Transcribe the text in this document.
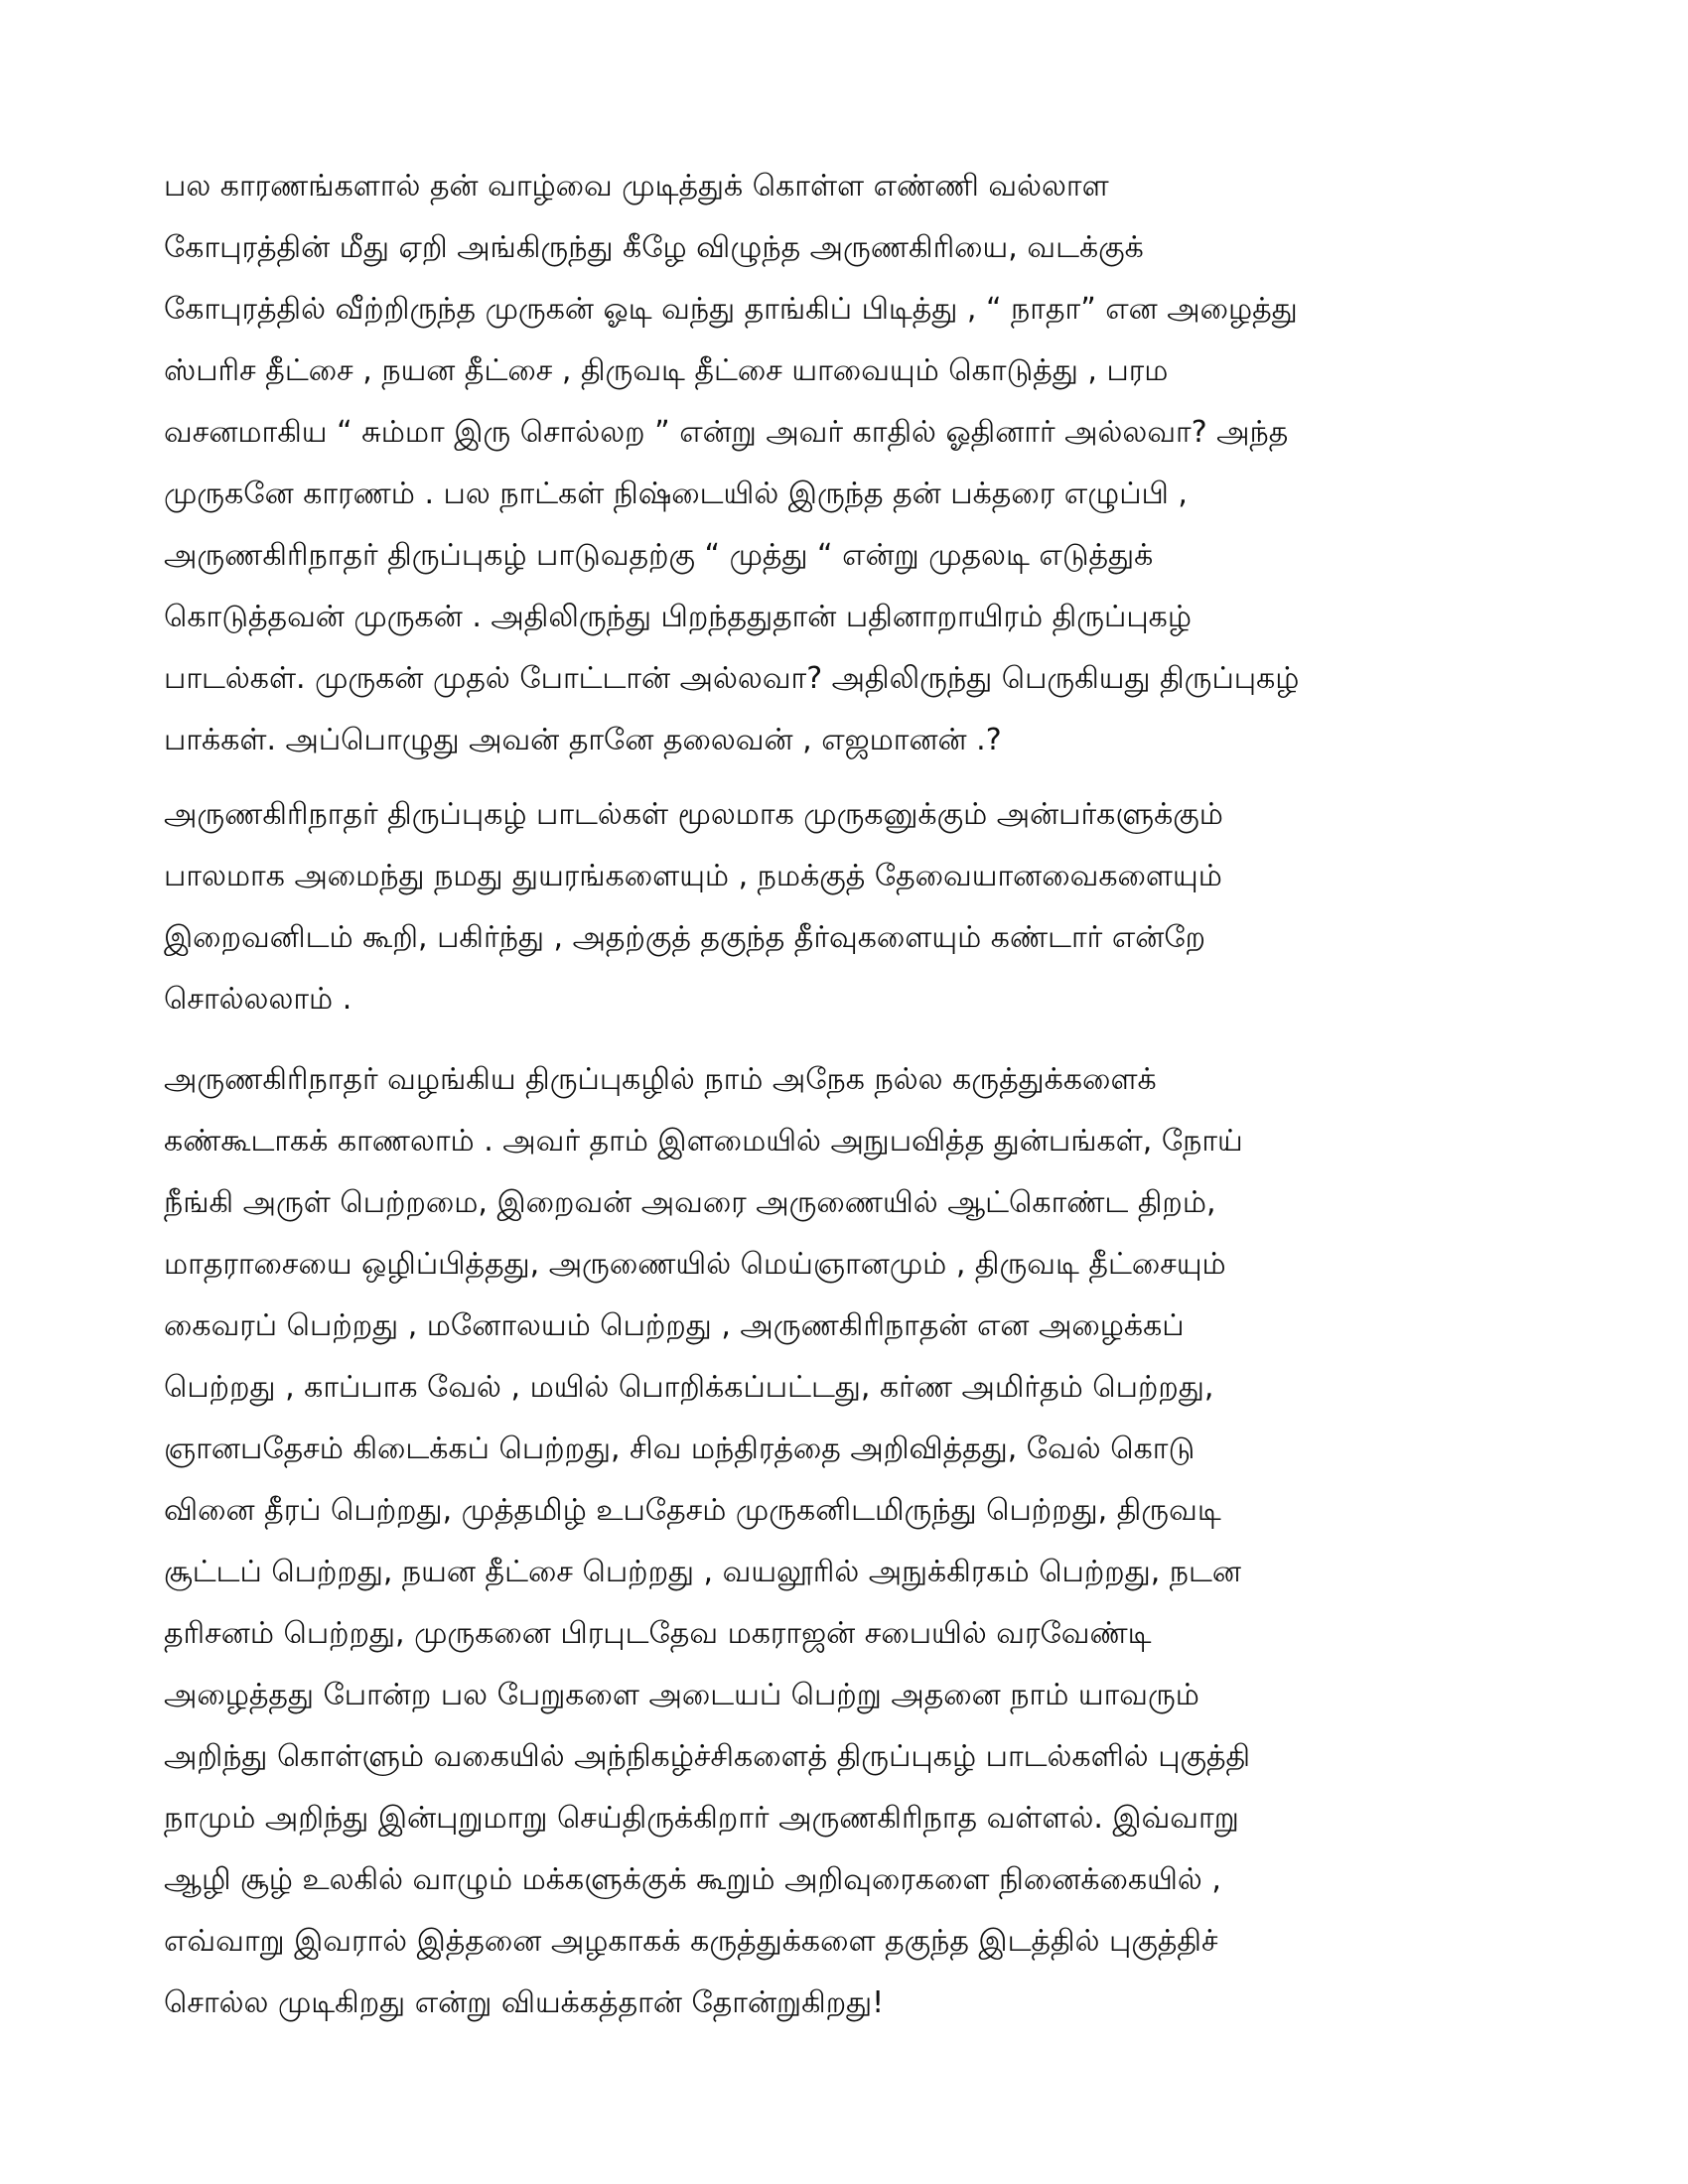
பல காரணங்களால் தன் வாழ்வை முடித்துக் கொள்ள எண்ணி வல்லாள
கோபுரத்தின் மீது ஏறி அங்கிருந்து கீழே விழுந்த அருணகிரியை, வடக்குக்
கோபுரத்தில் வீற்றிருந்த முருகன் ஓடி வந்து தாங்கிப் பிடித்து , “ நாதா” என அழைத்து
ஸ்பரிச தீட்சை , நயன தீட்சை , திருவடி தீட்சை யாவையும் கொடுத்து , பரம
வசனமாகிய “ சும்மா இரு சொல்லற ” என்று அவர் காதில் ஓதினார் அல்லவா? அந்த
முருகனே காரணம் . பல நாட்கள் நிஷ்டையில் இருந்த தன் பக்தரை எழுப்பி ,
அருணகிரிநாதர் திருப்புகழ் பாடுவதற்கு “ முத்து “ என்று முதலடி எடுத்துக்
கொடுத்தவன் முருகன் . அதிலிருந்து பிறந்ததுதான் பதினாறாயிரம் திருப்புகழ்
பாடல்கள். முருகன் முதல் போட்டான் அல்லவா? அதிலிருந்து பெருகியது திருப்புகழ்
பாக்கள். அப்பொழுது அவன் தானே தலைவன் , எஜமானன் .?
அருணகிரிநாதர் திருப்புகழ் பாடல்கள் மூலமாக முருகனுக்கும் அன்பர்களுக்கும்
பாலமாக அமைந்து நமது துயரங்களையும் , நமக்குத் தேவையானவைகளையும்
இறைவனிடம் கூறி, பகிர்ந்து , அதற்குத் தகுந்த தீர்வுகளையும் கண்டார் என்றே
சொல்லலாம் .
அருணகிரிநாதர் வழங்கிய திருப்புகழில் நாம் அநேக நல்ல கருத்துக்களைக்
கண்கூடாகக் காணலாம் . அவர் தாம் இளமையில் அநுபவித்த துன்பங்கள், நோய்
நீங்கி அருள் பெற்றமை, இறைவன் அவரை அருணையில் ஆட்கொண்ட திறம்,
மாதராசையை ஒழிப்பித்தது, அருணையில் மெய்ஞானமும் , திருவடி தீட்சையும்
கைவரப் பெற்றது , மனோலயம் பெற்றது , அருணகிரிநாதன் என அழைக்கப்
பெற்றது , காப்பாக வேல் , மயில் பொறிக்கப்பட்டது, கர்ண அமிர்தம் பெற்றது,
ஞானபதேசம் கிடைக்கப் பெற்றது, சிவ மந்திரத்தை அறிவித்தது, வேல் கொடு
வினை தீரப் பெற்றது, முத்தமிழ் உபதேசம் முருகனிடமிருந்து பெற்றது, திருவடி
சூட்டப் பெற்றது, நயன தீட்சை பெற்றது , வயலூரில் அநுக்கிரகம் பெற்றது, நடன
தரிசனம் பெற்றது, முருகனை பிரபுடதேவ மகராஜன் சபையில் வரவேண்டி
அழைத்தது போன்ற பல பேறுகளை அடையப் பெற்று அதனை நாம் யாவரும்
அறிந்து கொள்ளும் வகையில் அந்நிகழ்ச்சிகளைத் திருப்புகழ் பாடல்களில் புகுத்தி
நாமும் அறிந்து இன்புறுமாறு செய்திருக்கிறார் அருணகிரிநாத வள்ளல். இவ்வாறு
ஆழி சூழ் உலகில் வாழும் மக்களுக்குக் கூறும் அறிவுரைகளை நினைக்கையில் ,
எவ்வாறு இவரால் இத்தனை அழகாகக் கருத்துக்களை தகுந்த இடத்தில் புகுத்திச்
சொல்ல முடிகிறது என்று வியக்கத்தான் தோன்றுகிறது!
